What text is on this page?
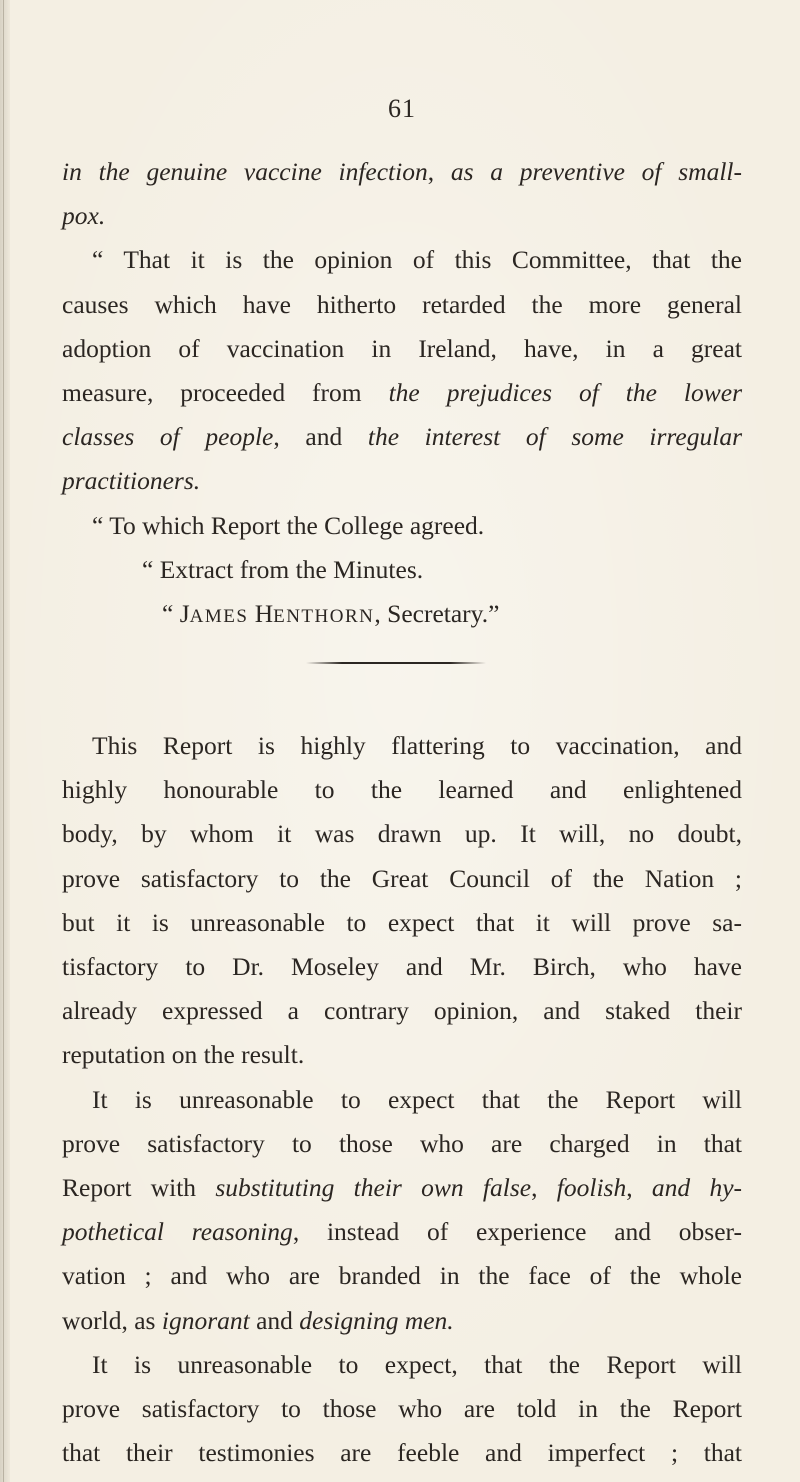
61
in the genuine vaccine infection, as a preventive of small-
pox.
“ That it is the opinion of this Committee, that the
causes which have hitherto retarded the more general
adoption of vaccination in Ireland, have, in a great
measure, proceeded from the prejudices of the lower
classes of people, and the interest of some irregular
practitioners.
“ To which Report the College agreed.
“ Extract from the Minutes.
“ JAMES HENTHORN, Secretary.”
This Report is highly flattering to vaccination, and
highly honourable to the learned and enlightened
body, by whom it was drawn up. It will, no doubt,
prove satisfactory to the Great Council of the Nation ;
but it is unreasonable to expect that it will prove sa-
tisfactory to Dr. Moseley and Mr. Birch, who have
already expressed a contrary opinion, and staked their
reputation on the result.
It is unreasonable to expect that the Report will
prove satisfactory to those who are charged in that
Report with substituting their own false, foolish, and hy-
pothetical reasoning, instead of experience and obser-
vation ; and who are branded in the face of the whole
world, as ignorant and designing men.
It is unreasonable to expect, that the Report will
prove satisfactory to those who are told in the Report
that their testimonies are feeble and imperfect ; that
